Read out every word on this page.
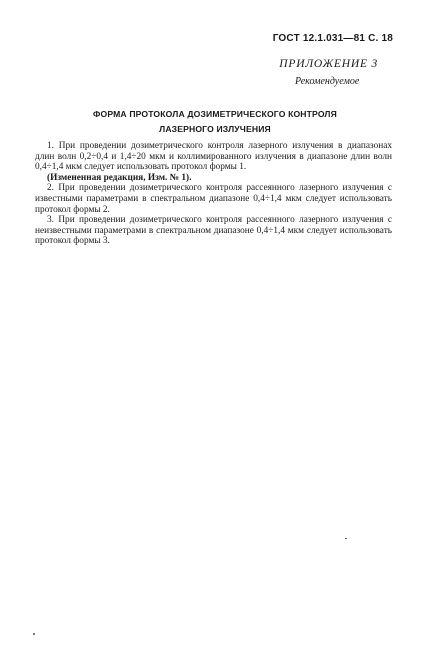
ГОСТ 12.1.031—81 С. 18
ПРИЛОЖЕНИЕ 3
Рекомендуемое
ФОРМА ПРОТОКОЛА ДОЗИМЕТРИЧЕСКОГО КОНТРОЛЯ
ЛАЗЕРНОГО ИЗЛУЧЕНИЯ

1. При проведении дозиметрического контроля лазерного излучения в диапазонах длин волн 0,2÷0,4 и 1,4÷20 мкм и коллимированного излучения в диапазоне длин волн 0,4÷1,4 мкм следует использовать протокол формы 1.

(Измененная редакция, Изм. № 1).

2. При проведении дозиметрического контроля рассеянного лазерного излучения с известными параметрами в спектральном диапазоне 0,4÷1,4 мкм следует использовать протокол формы 2.

3. При проведении дозиметрического контроля рассеянного лазерного излучения с неизвестными параметрами в спектральном диапазоне 0,4÷1,4 мкм следует использовать протокол формы 3.
